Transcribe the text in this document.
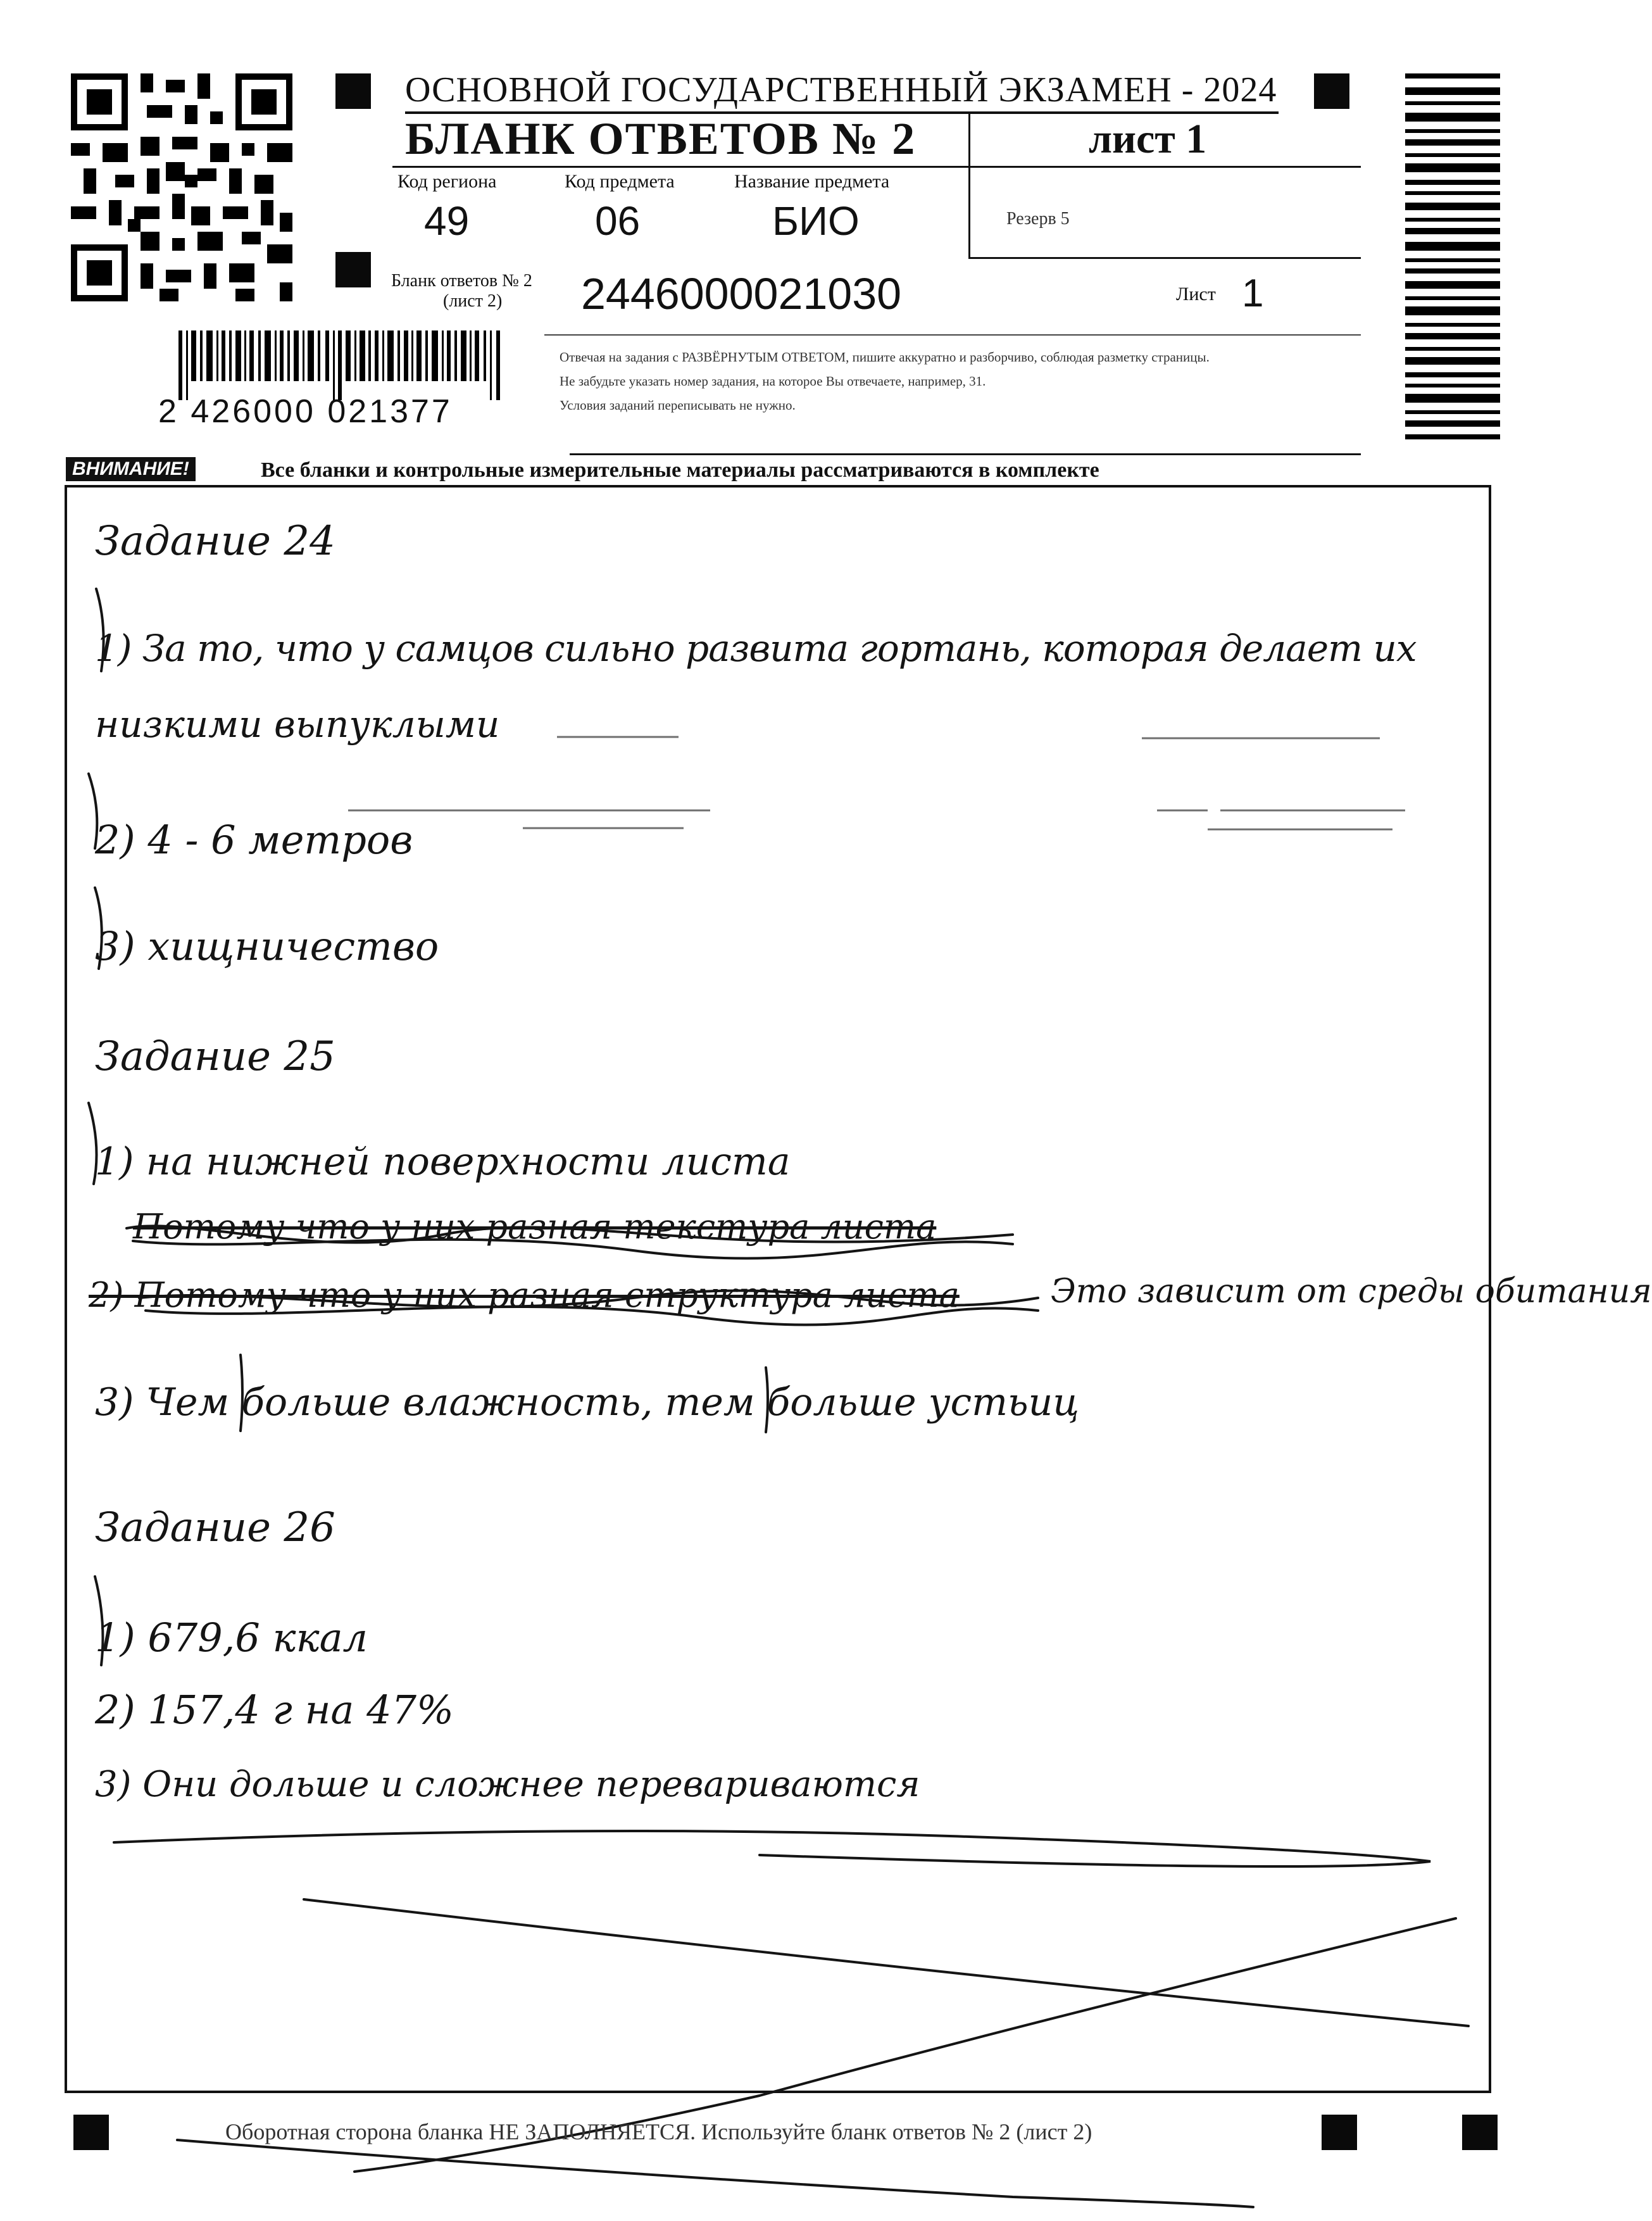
ОСНОВНОЙ ГОСУДАРСТВЕННЫЙ ЭКЗАМЕН - 2024
БЛАНК ОТВЕТОВ № 2	лист 1
Код региона
49
Код предмета
06
Название предмета
БИО	Резерв 5
Бланк ответов № 2
(лист 2) 2446000021030	Лист 1
2 426000 021377
Отвечая на задания с РАЗВЁРНУТЫМ ОТВЕТОМ, пишите аккуратно и разборчиво, соблюдая разметку страницы.
Не забудьте указать номер задания, на которое Вы отвечаете, например, 31.
Условия заданий переписывать не нужно.
ВНИМАНИЕ!	Все бланки и контрольные измерительные материалы рассматриваются в комплекте
Задание 24
1) За то, что у самцов сильно развита гортань, которая делает их
низкими выпуклыми
2) 4 - 6 метров
3) хищничество
Задание 25
1) на нижней поверхности листа
Потому что у них разная текстура листа
2) Потому что у них разная структура листа	Это зависит от среды обитания
3) Чем больше влажность, тем больше устьиц
Задание 26
1) 679,6 ккал
2) 157,4 г на 47%
3) Они дольше и сложнее перевариваются
Оборотная сторона бланка НЕ ЗАПОЛНЯЕТСЯ. Используйте бланк ответов № 2 (лист 2)
